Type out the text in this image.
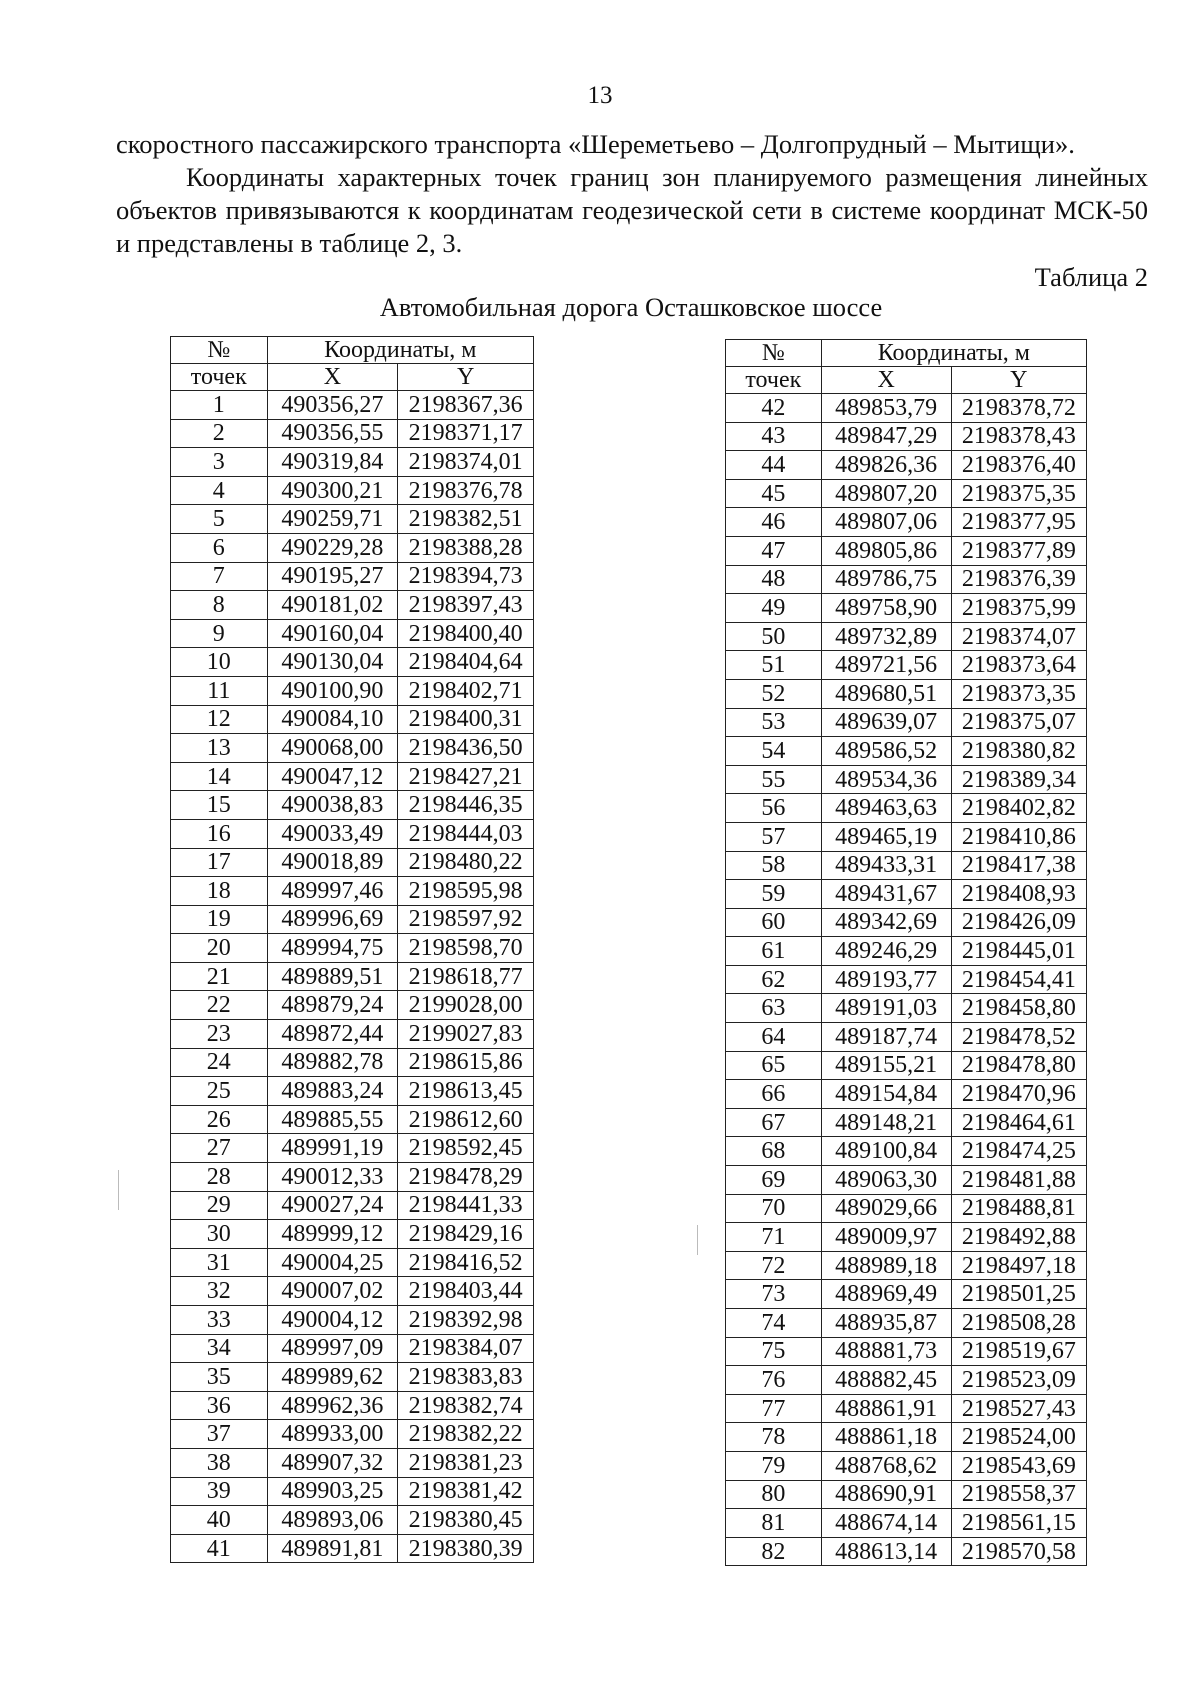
13
скоростного пассажирского транспорта «Шереметьево – Долгопрудный – Мытищи».
Координаты характерных точек границ зон планируемого размещения линейных объектов привязываются к координатам геодезической сети в системе координат МСК-50 и представлены в таблице 2, 3.
Таблица 2
Автомобильная дорога Осташковское шоссе
№	Координаты, м	
точек	X	Y
1	490356,27	2198367,36
2	490356,55	2198371,17
3	490319,84	2198374,01
4	490300,21	2198376,78
5	490259,71	2198382,51
6	490229,28	2198388,28
7	490195,27	2198394,73
8	490181,02	2198397,43
9	490160,04	2198400,40
10	490130,04	2198404,64
11	490100,90	2198402,71
12	490084,10	2198400,31
13	490068,00	2198436,50
14	490047,12	2198427,21
15	490038,83	2198446,35
16	490033,49	2198444,03
17	490018,89	2198480,22
18	489997,46	2198595,98
19	489996,69	2198597,92
20	489994,75	2198598,70
21	489889,51	2198618,77
22	489879,24	2199028,00
23	489872,44	2199027,83
24	489882,78	2198615,86
25	489883,24	2198613,45
26	489885,55	2198612,60
27	489991,19	2198592,45
28	490012,33	2198478,29
29	490027,24	2198441,33
30	489999,12	2198429,16
31	490004,25	2198416,52
32	490007,02	2198403,44
33	490004,12	2198392,98
34	489997,09	2198384,07
35	489989,62	2198383,83
36	489962,36	2198382,74
37	489933,00	2198382,22
38	489907,32	2198381,23
39	489903,25	2198381,42
40	489893,06	2198380,45
41	489891,81	2198380,39
№	Координаты, м	
точек	X	Y
42	489853,79	2198378,72
43	489847,29	2198378,43
44	489826,36	2198376,40
45	489807,20	2198375,35
46	489807,06	2198377,95
47	489805,86	2198377,89
48	489786,75	2198376,39
49	489758,90	2198375,99
50	489732,89	2198374,07
51	489721,56	2198373,64
52	489680,51	2198373,35
53	489639,07	2198375,07
54	489586,52	2198380,82
55	489534,36	2198389,34
56	489463,63	2198402,82
57	489465,19	2198410,86
58	489433,31	2198417,38
59	489431,67	2198408,93
60	489342,69	2198426,09
61	489246,29	2198445,01
62	489193,77	2198454,41
63	489191,03	2198458,80
64	489187,74	2198478,52
65	489155,21	2198478,80
66	489154,84	2198470,96
67	489148,21	2198464,61
68	489100,84	2198474,25
69	489063,30	2198481,88
70	489029,66	2198488,81
71	489009,97	2198492,88
72	488989,18	2198497,18
73	488969,49	2198501,25
74	488935,87	2198508,28
75	488881,73	2198519,67
76	488882,45	2198523,09
77	488861,91	2198527,43
78	488861,18	2198524,00
79	488768,62	2198543,69
80	488690,91	2198558,37
81	488674,14	2198561,15
82	488613,14	2198570,58
